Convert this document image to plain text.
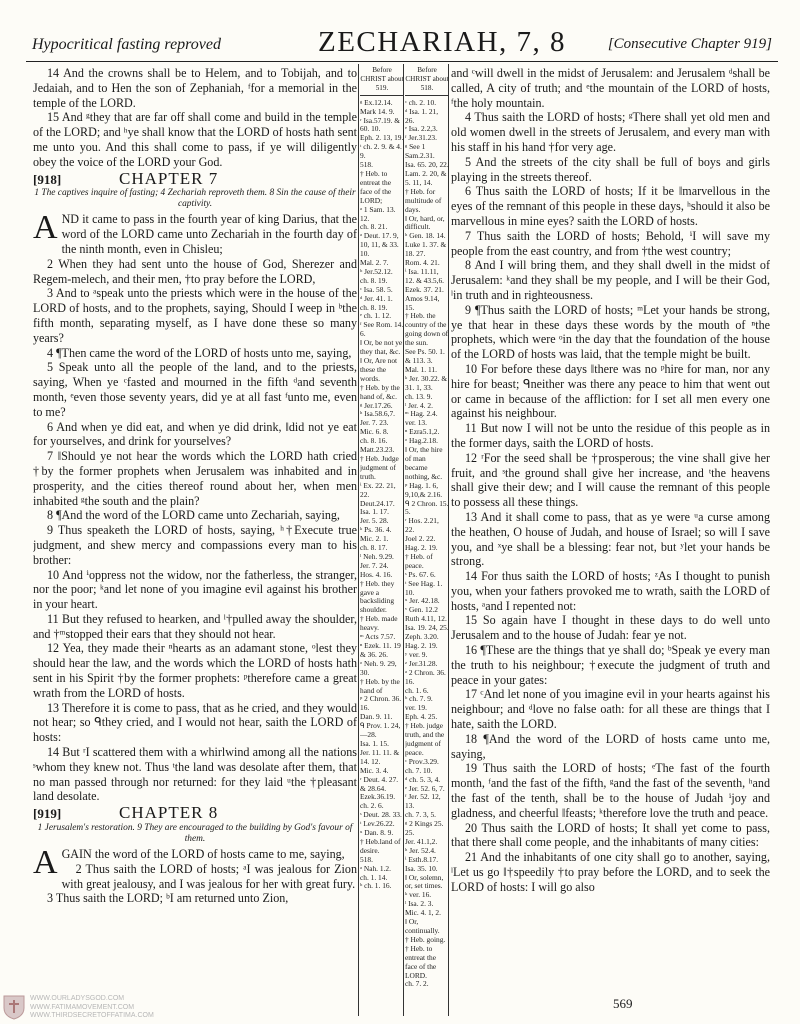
Hypocritical fasting reproved	ZECHARIAH, 7, 8	[Consecutive Chapter 919]

14 And the crowns shall be to Helem, and to Tobijah, and to Jedaiah, and to Hen the son of Zephaniah, ᶠfor a memorial in the temple of the LORD.

15 And ᵍthey that are far off shall come and build in the temple of the LORD; and ʰye shall know that the LORD of hosts hath sent me unto you. And this shall come to pass, if ye will diligently obey the voice of the LORD your God.

[918]	CHAPTER 7
1 The captives inquire of fasting; 4 Zechariah reproveth them. 8 Sin the cause of their captivity.

AND it came to pass in the fourth year of king Darius, that the word of the LORD came unto Zechariah in the fourth day of the ninth month, even in Chisleu;

2 When they had sent unto the house of God, Sherezer and Regem-melech, and their men, †to pray before the LORD,

3 And to ᵃspeak unto the priests which were in the house of the LORD of hosts, and to the prophets, saying, Should I weep in ᵇthe fifth month, separating myself, as I have done these so many years?

4 ¶Then came the word of the LORD of hosts unto me, saying,

5 Speak unto all the people of the land, and to the priests, saying, When ye ᶜfasted and mourned in the fifth ᵈand seventh month, ᵉeven those seventy years, did ye at all fast ᶠunto me, even to me?

6 And when ye did eat, and when ye did drink, ‖did not ye eat for yourselves, and drink for yourselves?

7 ‖Should ye not hear the words which the LORD hath cried †by the former prophets when Jerusalem was inhabited and in prosperity, and the cities thereof round about her, when men inhabited ᵍthe south and the plain?

8 ¶And the word of the LORD came unto Zechariah, saying,

9 Thus speaketh the LORD of hosts, saying, ʰ†Execute true judgment, and shew mercy and compassions every man to his brother:

10 And ⁱoppress not the widow, nor the fatherless, the stranger, nor the poor; ᵏand let none of you imagine evil against his brother in your heart.

11 But they refused to hearken, and ˡ†pulled away the shoulder, and †ᵐstopped their ears that they should not hear.

12 Yea, they made their ⁿhearts as an adamant stone, ᵒlest they should hear the law, and the words which the LORD of hosts hath sent in his Spirit †by the former prophets: ᵖtherefore came a great wrath from the LORD of hosts.

13 Therefore it is come to pass, that as he cried, and they would not hear; so ᑫthey cried, and I would not hear, saith the LORD of hosts:

14 But ʳI scattered them with a whirlwind among all the nations ˢwhom they knew not. Thus ᵗthe land was desolate after them, that no man passed through nor returned: for they laid ᵘthe †pleasant land desolate.

[919]	CHAPTER 8
1 Jerusalem's restoration. 9 They are encouraged to the building by God's favour of them.

AGAIN the word of the LORD of hosts came to me, saying,

2 Thus saith the LORD of hosts; ᵃI was jealous for Zion with great jealousy, and I was jealous for her with great fury.

3 Thus saith the LORD; ᵇI am returned unto Zion,

Before CHRIST about 519.
ᵍ Ex.12.14. Mark 14. 9.
ʳ Isa.57.19. & 60. 10.
Eph. 2. 13, 19.
ᵗ ch. 2. 9. & 4. 9.
518.
† Heb. to entreat the face of the LORD;
ᵃ 1 Sam. 13. 12.
ch. 8. 21.
ᵃ Deut. 17. 9, 10, 11, & 33. 10.
Mal. 2. 7.
ᵇ Jer.52.12.
ch. 8. 19.
ᶜ Isa. 58. 5.
ᵈ Jer. 41. 1.
ch. 8. 19.
ᵉ ch. 1. 12.
ᶠ See Rom. 14. 6.
‖ Or, be not ye they that, &c.
‖ Or, Are not these the words.
† Heb. by the hand of, &c.
ᵍ Jer.17.26.
ʰ Isa.58.6,7.
Jer. 7. 23.
Mic. 6. 8.
ch. 8. 16.
Matt.23.23.
† Heb. Judge judgment of truth.
ⁱ Ex. 22. 21, 22.
Deut.24.17.
Isa. 1. 17.
Jer. 5. 28.
ᵏ Ps. 36. 4.
Mic. 2. 1.
ch. 8. 17.
ˡ Neh. 9.29.
Jer. 7. 24.
Hos. 4. 16.
† Heb. they gave a backsliding shoulder.
† Heb. made heavy.
ᵐ Acts 7.57.
ⁿ Ezek. 11. 19 & 36. 26.
ᵒ Neh. 9. 29, 30.
† Heb. by the hand of
ᵖ 2 Chron. 36. 16.
Dan. 9. 11.
ᑫ Prov. 1. 24,—28.
Isa. 1. 15.
Jer. 11. 11. & 14. 12.
Mic. 3. 4.
ʳ Deut. 4. 27. & 28.64.
Ezek.36.19.
ch. 2. 6.
ˢ Deut. 28. 33.
ᵗ Lev.26.22.
ᵘ Dan. 8. 9.
† Heb.land of desire.
518.
ᵃ Nah. 1.2.
ch. 1. 14.
ᵇ ch. 1. 16.
Before CHRIST about 518.
ᶜ ch. 2. 10.
ᵈ Isa. 1. 21, 26.
ᵉ Isa. 2.2,3.
ᶠ Jer.31.23.
ᵍ See 1 Sam.2.31.
Isa. 65. 20, 22.
Lam. 2. 20, & 5. 11, 14.
† Heb. for multitude of days.
‖ Or, hard, or, difficult.
ʰ Gen. 18. 14.
Luke 1. 37. & 18. 27.
Rom. 4. 21.
ⁱ Isa. 11.11, 12. & 43.5,6.
Ezek. 37. 21.
Amos 9.14, 15.
† Heb. the country of the going down of the sun.
See Ps. 50. 1. & 113. 3.
Mal. 1. 11.
ᵏ Jer. 30.22. & 31. 1, 33.
ch. 13. 9.
ˡ Jer. 4. 2.
ᵐ Hag. 2.4. ver. 13.
ⁿ Ezra5.1,2.
ᵒ Hag.2.18.
‖ Or, the hire of man became nothing, &c.
ᵖ Hag. 1. 6, 9,10,& 2.16.
ᑫ 2 Chron. 15. 5.
ʳ Hos. 2.21, 22.
Joel 2. 22.
Hag. 2. 19.
† Heb. of peace.
ˢ Ps. 67. 6.
ᵗ See Hag. 1. 10.
ᵘ Jer. 42.18.
ᵛ Gen. 12.2
Ruth 4.11, 12.
Isa. 19. 24, 25.
Zeph. 3.20.
Hag. 2. 19.
ʸ ver. 9.
ᶻ Jer.31.28.
ᵃ 2 Chron. 36. 16.
ch. 1. 6.
ᵇ ch. 7. 9.
ver. 19.
Eph. 4. 25.
† Heb. judge truth, and the judgment of peace.
ᶜ Prov.3.29.
ch. 7. 10.
ᵈ ch. 5. 3, 4.
ᵉ Jer. 52. 6, 7.
ᶠ Jer. 52. 12, 13.
ch. 7. 3, 5.
ᵍ 2 Kings 25. 25.
Jer. 41.1,2.
ʰ Jer. 52.4.
ⁱ Esth.8.17.
Isa. 35. 10.
‖ Or, solemn, or, set times.
ᵏ ver. 16.
ˡ Isa. 2. 3.
Mic. 4. 1, 2.
‖ Or, continually.
† Heb. going.
† Heb. to entreat the face of the LORD.
ch. 7. 2.

and ᶜwill dwell in the midst of Jerusalem: and Jerusalem ᵈshall be called, A city of truth; and ᵉthe mountain of the LORD of hosts, ᶠthe holy mountain.

4 Thus saith the LORD of hosts; ᵍThere shall yet old men and old women dwell in the streets of Jerusalem, and every man with his staff in his hand †for very age.

5 And the streets of the city shall be full of boys and girls playing in the streets thereof.

6 Thus saith the LORD of hosts; If it be ‖marvellous in the eyes of the remnant of this people in these days, ʰshould it also be marvellous in mine eyes? saith the LORD of hosts.

7 Thus saith the LORD of hosts; Behold, ⁱI will save my people from the east country, and from †the west country;

8 And I will bring them, and they shall dwell in the midst of Jerusalem: ᵏand they shall be my people, and I will be their God, ˡin truth and in righteousness.

9 ¶Thus saith the LORD of hosts; ᵐLet your hands be strong, ye that hear in these days these words by the mouth of ⁿthe prophets, which were ᵒin the day that the foundation of the house of the LORD of hosts was laid, that the temple might be built.

10 For before these days ‖there was no ᵖhire for man, nor any hire for beast; ᑫneither was there any peace to him that went out or came in because of the affliction: for I set all men every one against his neighbour.

11 But now I will not be unto the residue of this people as in the former days, saith the LORD of hosts.

12 ʳFor the seed shall be †prosperous; the vine shall give her fruit, and ˢthe ground shall give her increase, and ᵗthe heavens shall give their dew; and I will cause the remnant of this people to possess all these things.

13 And it shall come to pass, that as ye were ᵘa curse among the heathen, O house of Judah, and house of Israel; so will I save you, and ˣye shall be a blessing: fear not, but ʸlet your hands be strong.

14 For thus saith the LORD of hosts; ᶻAs I thought to punish you, when your fathers provoked me to wrath, saith the LORD of hosts, ᵃand I repented not:

15 So again have I thought in these days to do well unto Jerusalem and to the house of Judah: fear ye not.

16 ¶These are the things that ye shall do; ᵇSpeak ye every man the truth to his neighbour; †execute the judgment of truth and peace in your gates:

17 ᶜAnd let none of you imagine evil in your hearts against his neighbour; and ᵈlove no false oath: for all these are things that I hate, saith the LORD.

18 ¶And the word of the LORD of hosts came unto me, saying,

19 Thus saith the LORD of hosts; ᵉThe fast of the fourth month, ᶠand the fast of the fifth, ᵍand the fast of the seventh, ʰand the fast of the tenth, shall be to the house of Judah ⁱjoy and gladness, and cheerful ‖feasts; ᵏtherefore love the truth and peace.

20 Thus saith the LORD of hosts; It shall yet come to pass, that there shall come people, and the inhabitants of many cities:

21 And the inhabitants of one city shall go to another, saying, ˡLet us go ‖†speedily †to pray before the LORD, and to seek the LORD of hosts: I will go also

569
WWW.OURLADYSGOD.COM
WWW.FATIMAMOVEMENT.COM
WWW.THIRDSECRETOFFATIMA.COM
